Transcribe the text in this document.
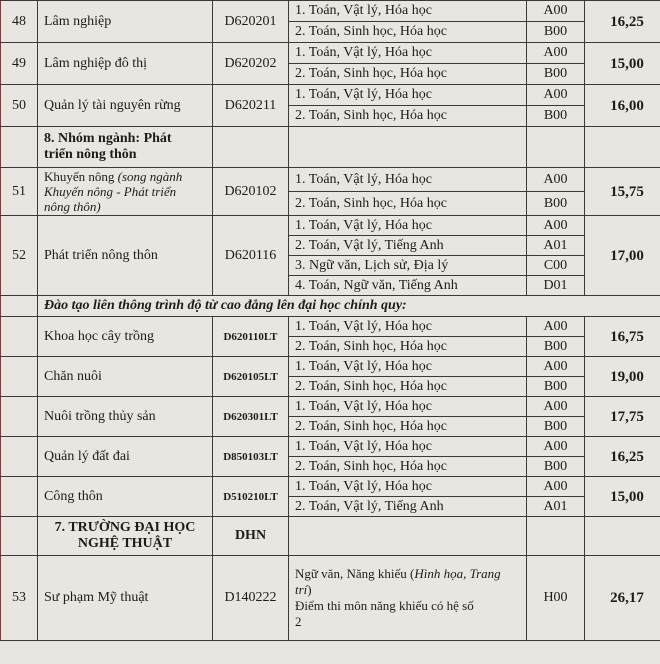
48	Lâm nghiệp	D620201	1. Toán, Vật lý, Hóa học	A00	16,25
			2. Toán, Sinh học, Hóa học	B00	
49	Lâm nghiệp đô thị	D620202	1. Toán, Vật lý, Hóa học	A00	15,00
			2. Toán, Sinh học, Hóa học	B00	
50	Quản lý tài nguyên rừng	D620211	1. Toán, Vật lý, Hóa học	A00	16,00
			2. Toán, Sinh học, Hóa học	B00	

	8. Nhóm ngành: Phát
triển nông thôn				

51	Khuyến nông (song ngành
Khuyến nông - Phát triển
nông thôn)	D620102	1. Toán, Vật lý, Hóa học	A00	15,75
			2. Toán, Sinh học, Hóa học	B00	
52	Phát triển nông thôn	D620116	1. Toán, Vật lý, Hóa học	A00	17,00
			2. Toán, Vật lý, Tiếng Anh	A01	
			3. Ngữ văn, Lịch sử, Địa lý	C00	
			4. Toán, Ngữ văn, Tiếng Anh	D01	
	Đào tạo liên thông trình độ từ cao đẳng lên đại học chính quy:				
	Khoa học cây trồng	D620110LT	1. Toán, Vật lý, Hóa học	A00	16,75
			2. Toán, Sinh học, Hóa học	B00	
	Chăn nuôi	D620105LT	1. Toán, Vật lý, Hóa học	A00	19,00
			2. Toán, Sinh học, Hóa học	B00	
	Nuôi trồng thủy sản	D620301LT	1. Toán, Vật lý, Hóa học	A00	17,75
			2. Toán, Sinh học, Hóa học	B00	
	Quản lý đất đai	D850103LT	1. Toán, Vật lý, Hóa học	A00	16,25
			2. Toán, Sinh học, Hóa học	B00	
	Công thôn	D510210LT	1. Toán, Vật lý, Hóa học	A00	15,00
			2. Toán, Vật lý, Tiếng Anh	A01	

	7. TRƯỜNG ĐẠI HỌC
NGHỆ THUẬT	DHN			
53	Sư phạm Mỹ thuật	D140222	Ngữ văn, Năng khiếu (Hình họa, Trang
trí)
Điểm thi môn năng khiếu có hệ số
2	H00	26,17
